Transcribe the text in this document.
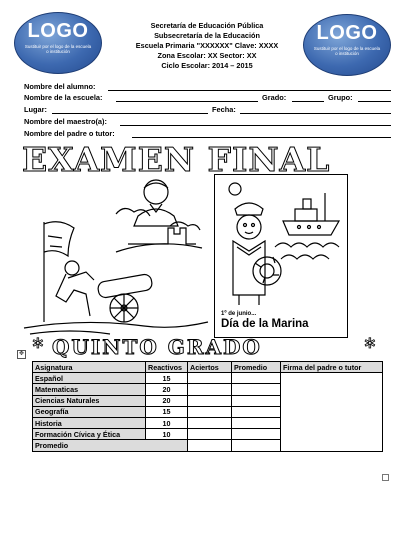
LOGO
Sustituir por el logo de la escuela o institución
LOGO
Sustituir por el logo de la escuela o institución
Secretaría de Educación Pública
Subsecretaría de la Educación
Escuela Primaria "XXXXXX" Clave: XXXX
Zona Escolar: XX Sector: XX
Ciclo Escolar: 2014 – 2015
Nombre del alumno:
Nombre de la escuela:	Grado:	Grupo:
Lugar:	Fecha:
Nombre del maestro(a):
Nombre del padre o tutor:
EXAMEN FINAL
1º de junio...
Día de la Marina
✲ QUINTO GRADO	✲
✥
Asignatura	Reactivos	Aciertos	Promedio	Firma del padre o tutor
Español	15			
Matematicas	20			
Ciencias Naturales	20			
Geografía	15			
Historia	10			
Formación Cívica y Ética	10			
Promedio				
